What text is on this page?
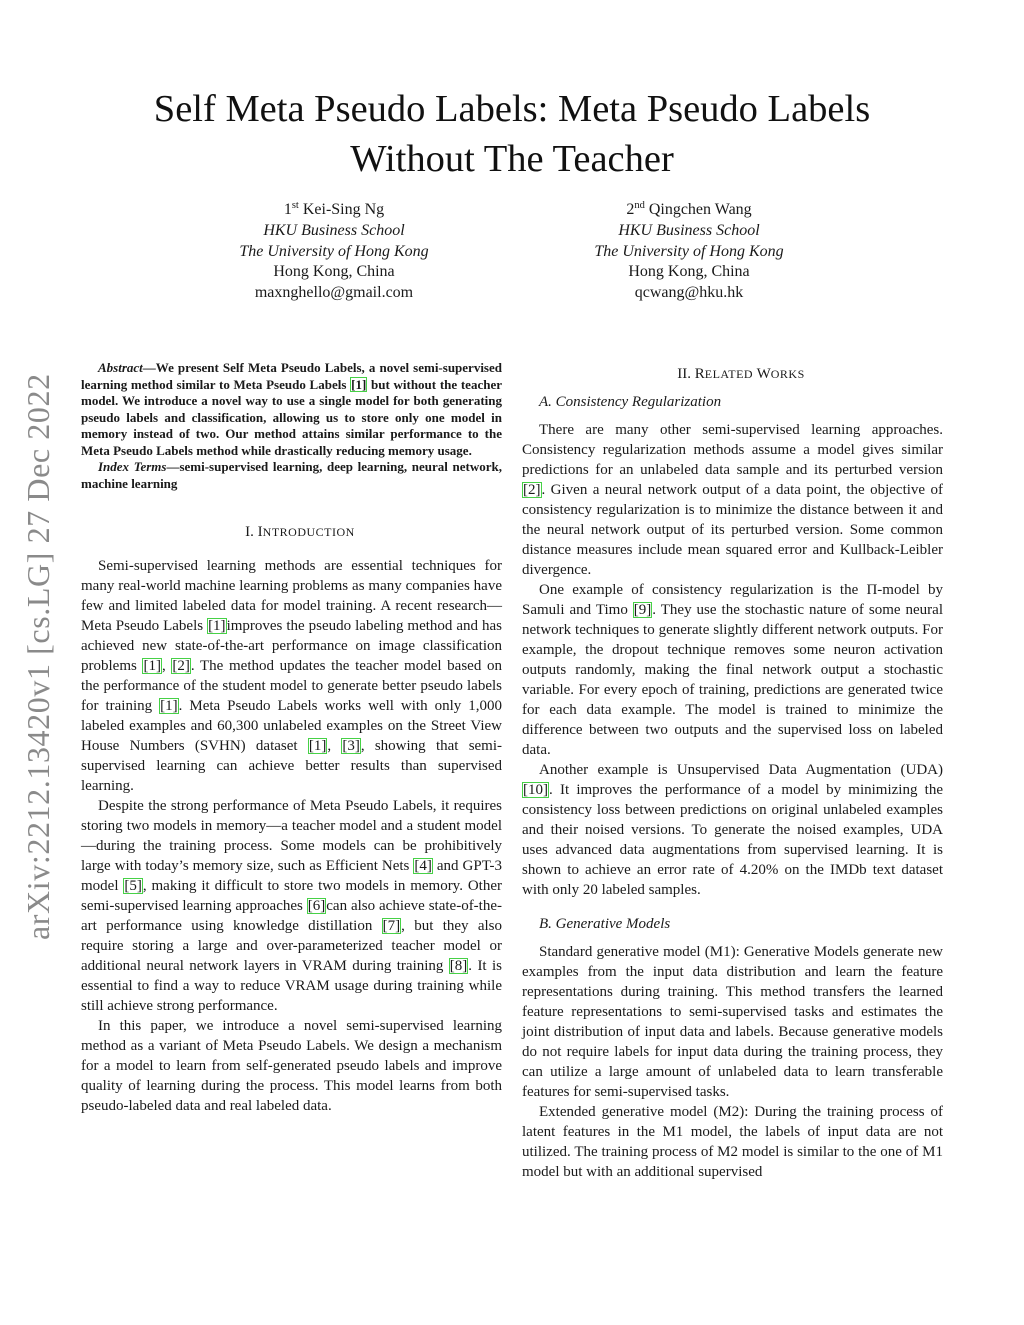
Self Meta Pseudo Labels: Meta Pseudo Labels
Without The Teacher
1st Kei-Sing Ng
HKU Business School
The University of Hong Kong
Hong Kong, China
maxnghello@gmail.com
2nd Qingchen Wang
HKU Business School
The University of Hong Kong
Hong Kong, China
qcwang@hku.hk
arXiv:2212.13420v1 [cs.LG] 27 Dec 2022

Abstract—We present Self Meta Pseudo Labels, a novel semi-supervised learning method similar to Meta Pseudo Labels [1] but without the teacher model. We introduce a novel way to use a single model for both generating pseudo labels and classification, allowing us to store only one model in memory instead of two. Our method attains similar performance to the Meta Pseudo Labels method while drastically reducing memory usage.

Index Terms—semi-supervised learning, deep learning, neural network, machine learning

I. INTRODUCTION

Semi-supervised learning methods are essential techniques for many real-world machine learning problems as many companies have few and limited labeled data for model training. A recent research—Meta Pseudo Labels [1]improves the pseudo labeling method and has achieved new state-of-the-art performance on image classification problems [1], [2]. The method updates the teacher model based on the performance of the student model to generate better pseudo labels for training [1]. Meta Pseudo Labels works well with only 1,000 labeled examples and 60,300 unlabeled examples on the Street View House Numbers (SVHN) dataset [1], [3], showing that semi-supervised learning can achieve better results than supervised learning.

Despite the strong performance of Meta Pseudo Labels, it requires storing two models in memory—a teacher model and a student model—during the training process. Some models can be prohibitively large with today’s memory size, such as Efficient Nets [4] and GPT-3 model [5], making it difficult to store two models in memory. Other semi-supervised learning approaches [6]can also achieve state-of-the-art performance using knowledge distillation [7], but they also require storing a large and over-parameterized teacher model or additional neural network layers in VRAM during training [8]. It is essential to find a way to reduce VRAM usage during training while still achieve strong performance.

In this paper, we introduce a novel semi-supervised learning method as a variant of Meta Pseudo Labels. We design a mechanism for a model to learn from self-generated pseudo labels and improve quality of learning during the process. This model learns from both pseudo-labeled data and real labeled data.

II. RELATED WORKS

A. Consistency Regularization

There are many other semi-supervised learning approaches. Consistency regularization methods assume a model gives similar predictions for an unlabeled data sample and its perturbed version [2]. Given a neural network output of a data point, the objective of consistency regularization is to minimize the distance between it and the neural network output of its perturbed version. Some common distance measures include mean squared error and Kullback-Leibler divergence.

One example of consistency regularization is the Π-model by Samuli and Timo [9]. They use the stochastic nature of some neural network techniques to generate slightly different network outputs. For example, the dropout technique removes some neuron activation outputs randomly, making the final network output a stochastic variable. For every epoch of training, predictions are generated twice for each data example. The model is trained to minimize the difference between two outputs and the supervised loss on labeled data.

Another example is Unsupervised Data Augmentation (UDA) [10]. It improves the performance of a model by minimizing the consistency loss between predictions on original unlabeled examples and their noised versions. To generate the noised examples, UDA uses advanced data augmentations from supervised learning. It is shown to achieve an error rate of 4.20% on the IMDb text dataset with only 20 labeled samples.

B. Generative Models

Standard generative model (M1): Generative Models generate new examples from the input data distribution and learn the feature representations during training. This method transfers the learned feature representations to semi-supervised tasks and estimates the joint distribution of input data and labels. Because generative models do not require labels for input data during the training process, they can utilize a large amount of unlabeled data to learn transferable features for semi-supervised tasks.

Extended generative model (M2): During the training process of latent features in the M1 model, the labels of input data are not utilized. The training process of M2 model is similar to the one of M1 model but with an additional supervised
